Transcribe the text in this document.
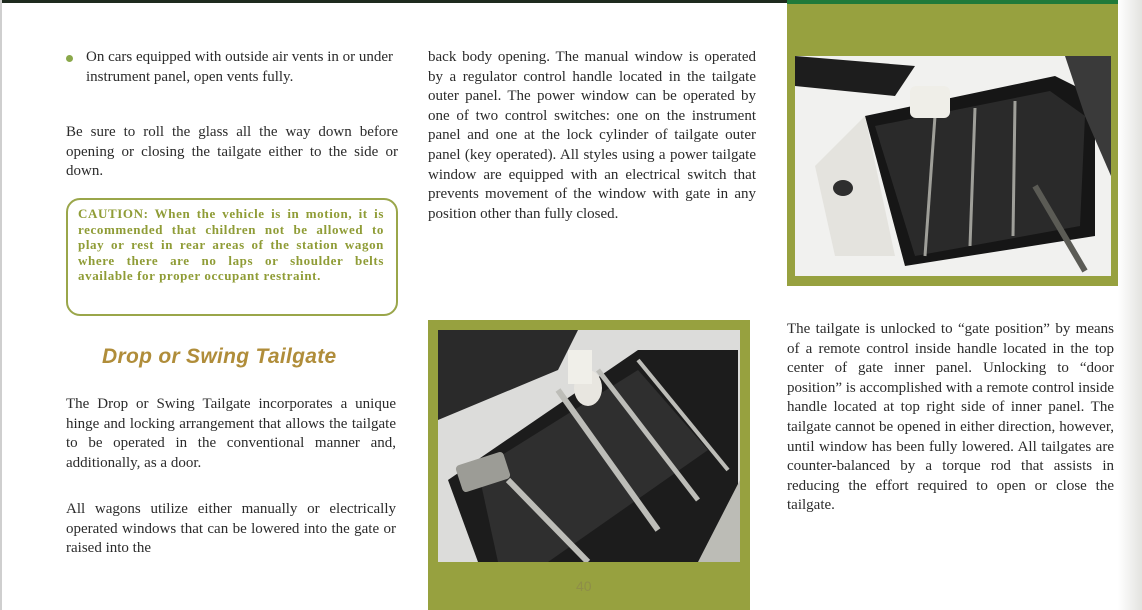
On cars equipped with outside air vents in or under instrument panel, open vents fully.

Be sure to roll the glass all the way down before opening or closing the tailgate either to the side or down.

CAUTION: When the vehicle is in motion, it is recommended that children not be allowed to play or rest in rear areas of the station wagon where there are no laps or shoulder belts available for proper occupant restraint.

Drop or Swing Tailgate

The Drop or Swing Tailgate incorporates a unique hinge and locking arrangement that allows the tailgate to be operated in the conventional manner and, additionally, as a door.

All wagons utilize either manually or electrically operated windows that can be lowered into the gate or raised into the

back body opening. The manual window is operated by a regulator control handle located in the tailgate outer panel. The power window can be operated by one of two control switches: one on the instrument panel and one at the lock cylinder of tailgate outer panel (key operated). All styles using a power tailgate window are equipped with an electrical switch that prevents movement of the window with gate in any position other than fully closed.

40

The tailgate is unlocked to “gate position” by means of a remote control inside handle located in the top center of gate inner panel. Unlocking to “door position” is accomplished with a remote control inside handle located at top right side of inner panel. The tailgate cannot be opened in either direction, however, until window has been fully lowered. All tailgates are counter-balanced by a torque rod that assists in reducing the effort required to open or close the tailgate.
